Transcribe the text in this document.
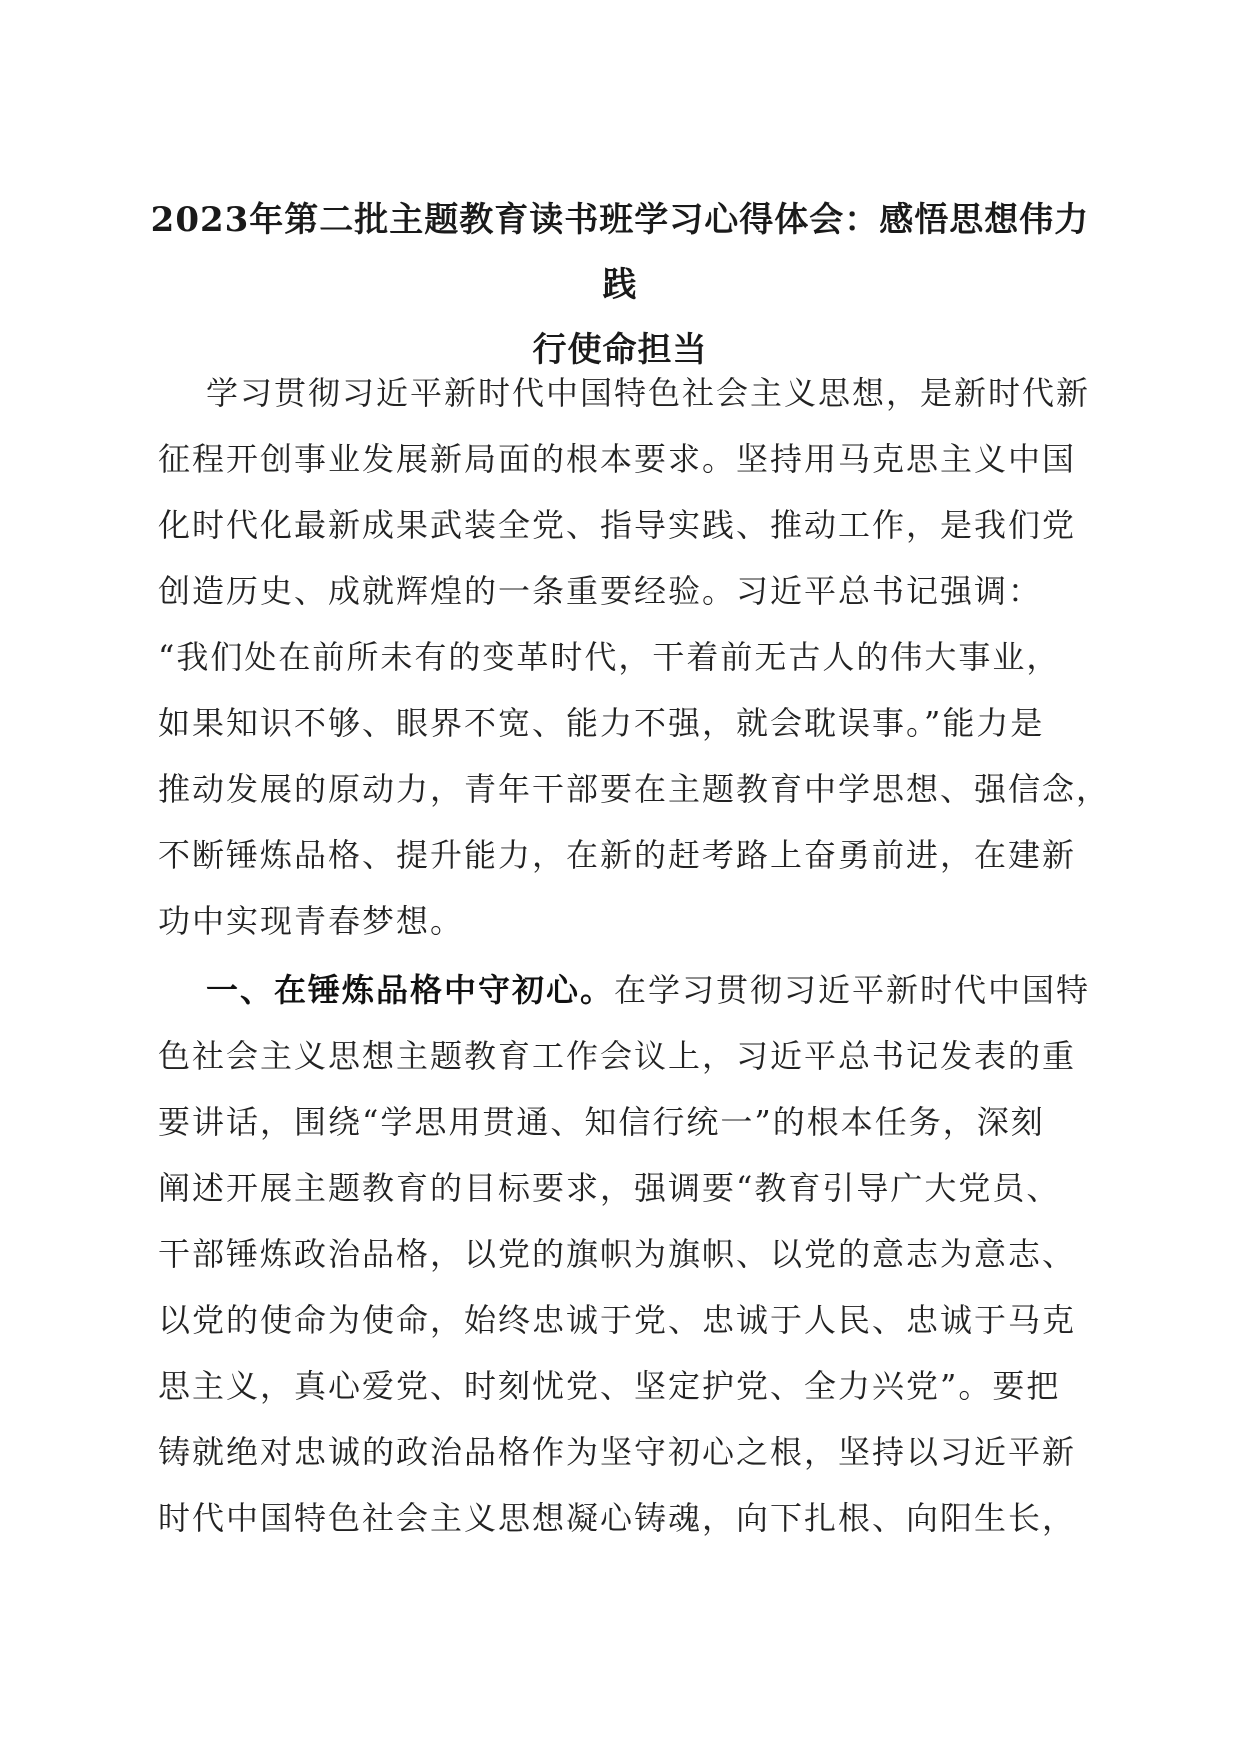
2023年第二批主题教育读书班学习心得体会：感悟思想伟力践
行使命担当
学习贯彻习近平新时代中国特色社会主义思想，是新时代新
征程开创事业发展新局面的根本要求。坚持用马克思主义中国
化时代化最新成果武装全党、指导实践、推动工作，是我们党
创造历史、成就辉煌的一条重要经验。习近平总书记强调：
“我们处在前所未有的变革时代，干着前无古人的伟大事业，
如果知识不够、眼界不宽、能力不强，就会耽误事。”能力是
推动发展的原动力，青年干部要在主题教育中学思想、强信念，
不断锤炼品格、提升能力，在新的赶考路上奋勇前进，在建新
功中实现青春梦想。
一、在锤炼品格中守初心。在学习贯彻习近平新时代中国特
色社会主义思想主题教育工作会议上，习近平总书记发表的重
要讲话，围绕“学思用贯通、知信行统一”的根本任务，深刻
阐述开展主题教育的目标要求，强调要“教育引导广大党员、
干部锤炼政治品格，以党的旗帜为旗帜、以党的意志为意志、
以党的使命为使命，始终忠诚于党、忠诚于人民、忠诚于马克
思主义，真心爱党、时刻忧党、坚定护党、全力兴党”。要把
铸就绝对忠诚的政治品格作为坚守初心之根，坚持以习近平新
时代中国特色社会主义思想凝心铸魂，向下扎根、向阳生长，
